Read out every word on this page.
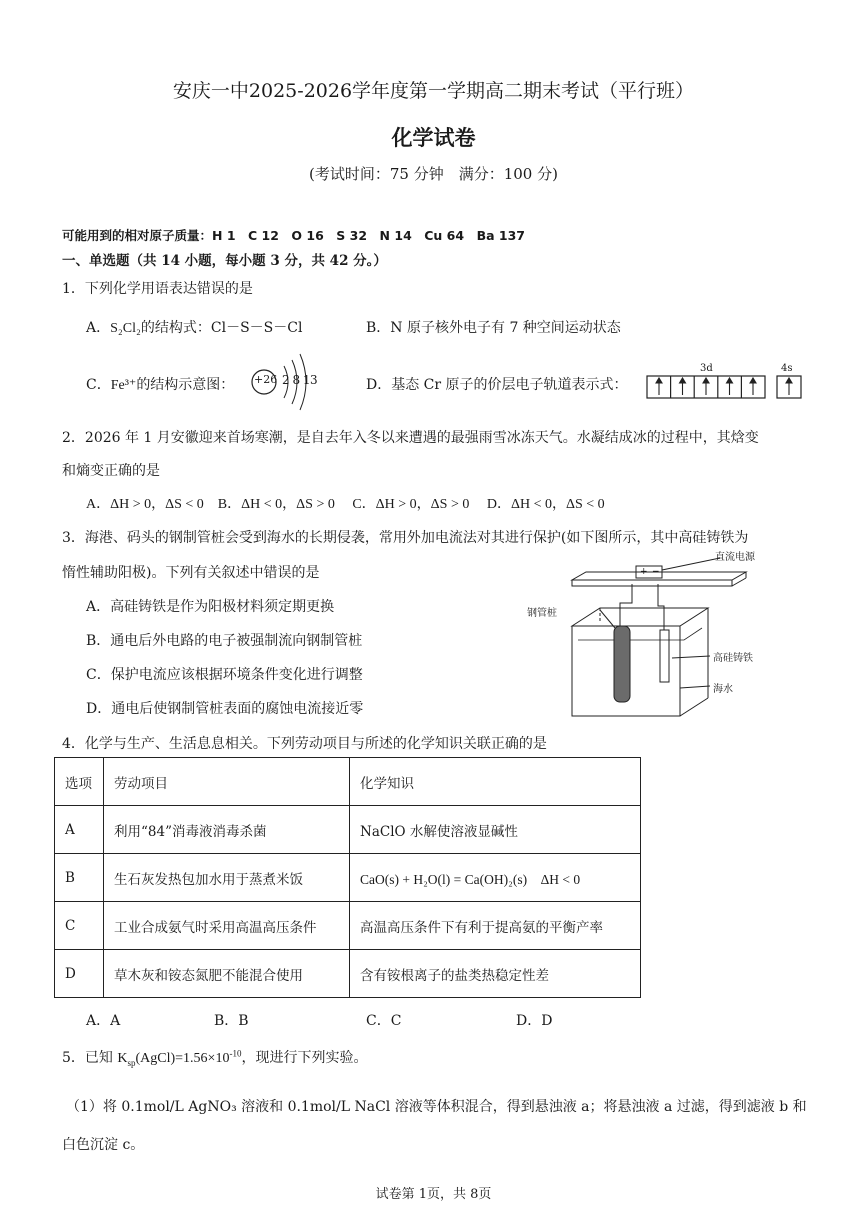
安庆一中2025-2026学年度第一学期高二期末考试（平行班）
化学试卷
(考试时间：75 分钟　满分：100 分)
可能用到的相对原子质量：H 1　C 12　O 16　S 32　N 14　Cu 64　Ba 137
一、单选题（共 14 小题，每小题 3 分，共 42 分。）
1．下列化学用语表达错误的是
A．S₂Cl₂的结构式：Cl－S－S－Cl	B．N 原子核外电子有 7 种空间运动状态
C．Fe³⁺的结构示意图： +26 2 8 13	D．基态 Cr 原子的价层电子轨道表示式：
3d	4s
2．2026 年 1 月安徽迎来首场寒潮，是自去年入冬以来遭遇的最强雨雪冰冻天气。水凝结成冰的过程中，其焓变
和熵变正确的是
A．ΔH > 0，ΔS < 0　B．ΔH < 0，ΔS > 0　 C．ΔH > 0，ΔS > 0　 D．ΔH < 0，ΔS < 0
3．海港、码头的钢制管桩会受到海水的长期侵袭，常用外加电流法对其进行保护(如下图所示，其中高硅铸铁为
惰性辅助阳极)。下列有关叙述中错误的是
A．高硅铸铁是作为阳极材料须定期更换
B．通电后外电路的电子被强制流向钢制管桩
C．保护电流应该根据环境条件变化进行调整
D．通电后使钢制管桩表面的腐蚀电流接近零
直流电源
+ −
钢管桩
高硅铸铁
海水
4．化学与生产、生活息息相关。下列劳动项目与所述的化学知识关联正确的是
选项	劳动项目	化学知识
A	利用“84”消毒液消毒杀菌	NaClO 水解使溶液显碱性
B	生石灰发热包加水用于蒸煮米饭	CaO(s) + H₂O(l) = Ca(OH)₂(s)　ΔH < 0
C	工业合成氨气时采用高温高压条件	高温高压条件下有利于提高氨的平衡产率
D	草木灰和铵态氮肥不能混合使用	含有铵根离子的盐类热稳定性差
A．A	B．B	C．C	D．D
5．已知 $K_{sp}(AgCl)=1.56\times 10^{-10}$，现进行下列实验。
（1）将 0.1mol/L AgNO₃ 溶液和 0.1mol/L NaCl 溶液等体积混合，得到悬浊液 a；将悬浊液 a 过滤，得到滤液 b 和
白色沉淀 c。
试卷第 1页，共 8页
